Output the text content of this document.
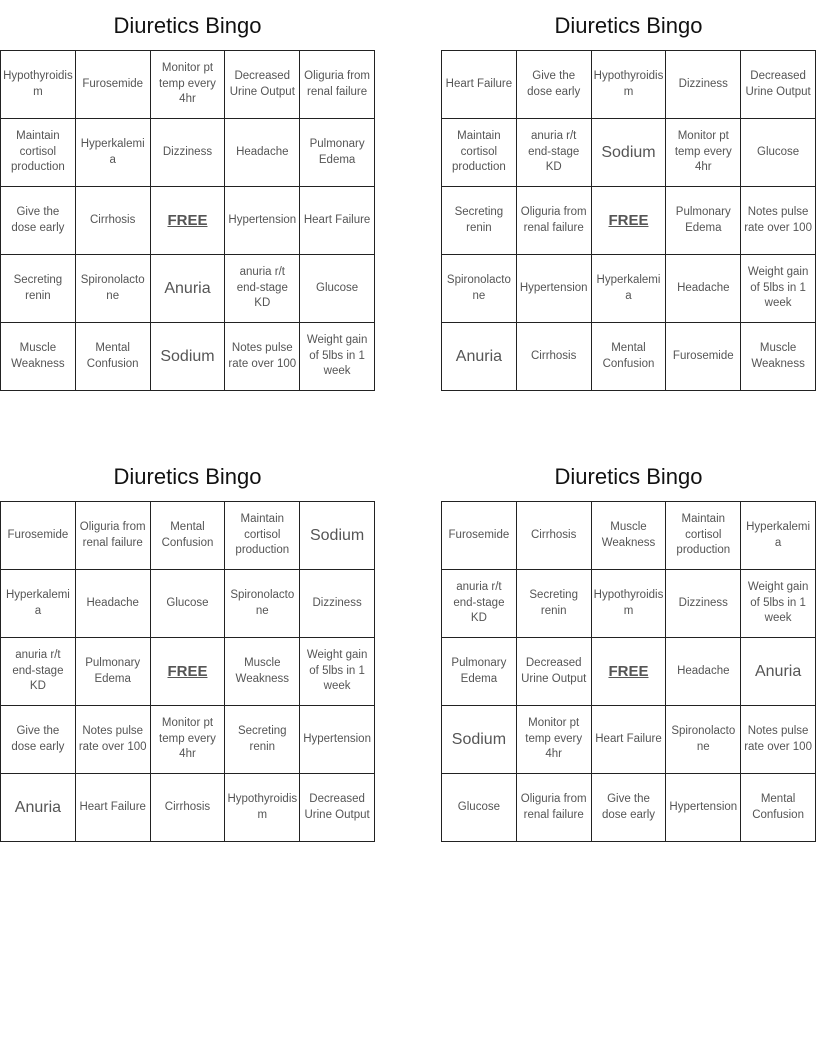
Diuretics Bingo
Hypothyroidism	Furosemide	Monitor pt temp every 4hr	Decreased Urine Output	Oliguria from renal failure
Maintain cortisol production	Hyperkalemia	Dizziness	Headache	Pulmonary Edema
Give the dose early	Cirrhosis	FREE	Hypertension	Heart Failure
Secreting renin	Spironolactone	Anuria	anuria r/t end-stage KD	Glucose
Muscle Weakness	Mental Confusion	Sodium	Notes pulse rate over 100	Weight gain of 5lbs in 1 week
Diuretics Bingo
Heart Failure	Give the dose early	Hypothyroidism	Dizziness	Decreased Urine Output
Maintain cortisol production	anuria r/t end-stage KD	Sodium	Monitor pt temp every 4hr	Glucose
Secreting renin	Oliguria from renal failure	FREE	Pulmonary Edema	Notes pulse rate over 100
Spironolactone	Hypertension	Hyperkalemia	Headache	Weight gain of 5lbs in 1 week
Anuria	Cirrhosis	Mental Confusion	Furosemide	Muscle Weakness
Diuretics Bingo
Furosemide	Oliguria from renal failure	Mental Confusion	Maintain cortisol production	Sodium
Hyperkalemia	Headache	Glucose	Spironolactone	Dizziness
anuria r/t end-stage KD	Pulmonary Edema	FREE	Muscle Weakness	Weight gain of 5lbs in 1 week
Give the dose early	Notes pulse rate over 100	Monitor pt temp every 4hr	Secreting renin	Hypertension
Anuria	Heart Failure	Cirrhosis	Hypothyroidism	Decreased Urine Output
Diuretics Bingo
Furosemide	Cirrhosis	Muscle Weakness	Maintain cortisol production	Hyperkalemia
anuria r/t end-stage KD	Secreting renin	Hypothyroidism	Dizziness	Weight gain of 5lbs in 1 week
Pulmonary Edema	Decreased Urine Output	FREE	Headache	Anuria
Sodium	Monitor pt temp every 4hr	Heart Failure	Spironolactone	Notes pulse rate over 100
Glucose	Oliguria from renal failure	Give the dose early	Hypertension	Mental Confusion
